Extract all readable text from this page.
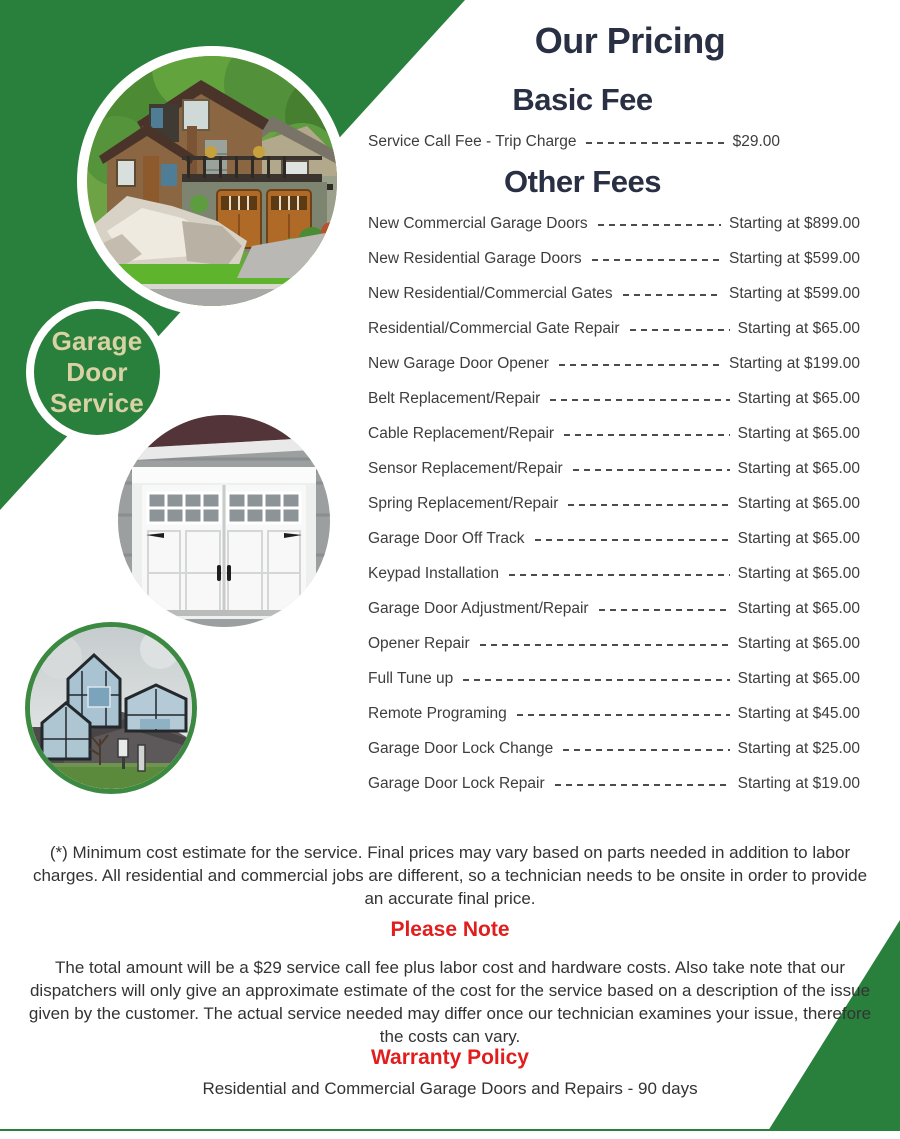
Garage
Door
Service
Our Pricing
Basic Fee
Other Fees
Service Call Fee - Trip Charge	$29.00
New Commercial Garage Doors	Starting at $899.00
New Residential Garage Doors	Starting at $599.00
New Residential/Commercial Gates	Starting at $599.00
Residential/Commercial Gate Repair	Starting at $65.00
New Garage Door Opener	Starting at $199.00
Belt Replacement/Repair	Starting at $65.00
Cable Replacement/Repair	Starting at $65.00
Sensor Replacement/Repair	Starting at $65.00
Spring Replacement/Repair	Starting at $65.00
Garage Door Off Track	Starting at $65.00
Keypad Installation	Starting at $65.00
Garage Door Adjustment/Repair	Starting at $65.00
Opener Repair	Starting at $65.00
Full Tune up	Starting at $65.00
Remote Programing	Starting at $45.00
Garage Door Lock Change	Starting at $25.00
Garage Door Lock Repair	Starting at $19.00
(*) Minimum cost estimate for the service. Final prices may vary based on parts needed in addition to labor charges. All residential and commercial jobs are different, so a technician needs to be onsite in order to provide an accurate final price.
Please Note
The total amount will be a $29 service call fee plus labor cost and hardware costs. Also take note that our dispatchers will only give an approximate estimate of the cost for the service based on a description of the issue given by the customer. The actual service needed may differ once our technician examines your issue, therefore the costs can vary.
Warranty Policy
Residential and Commercial Garage Doors and Repairs - 90 days
